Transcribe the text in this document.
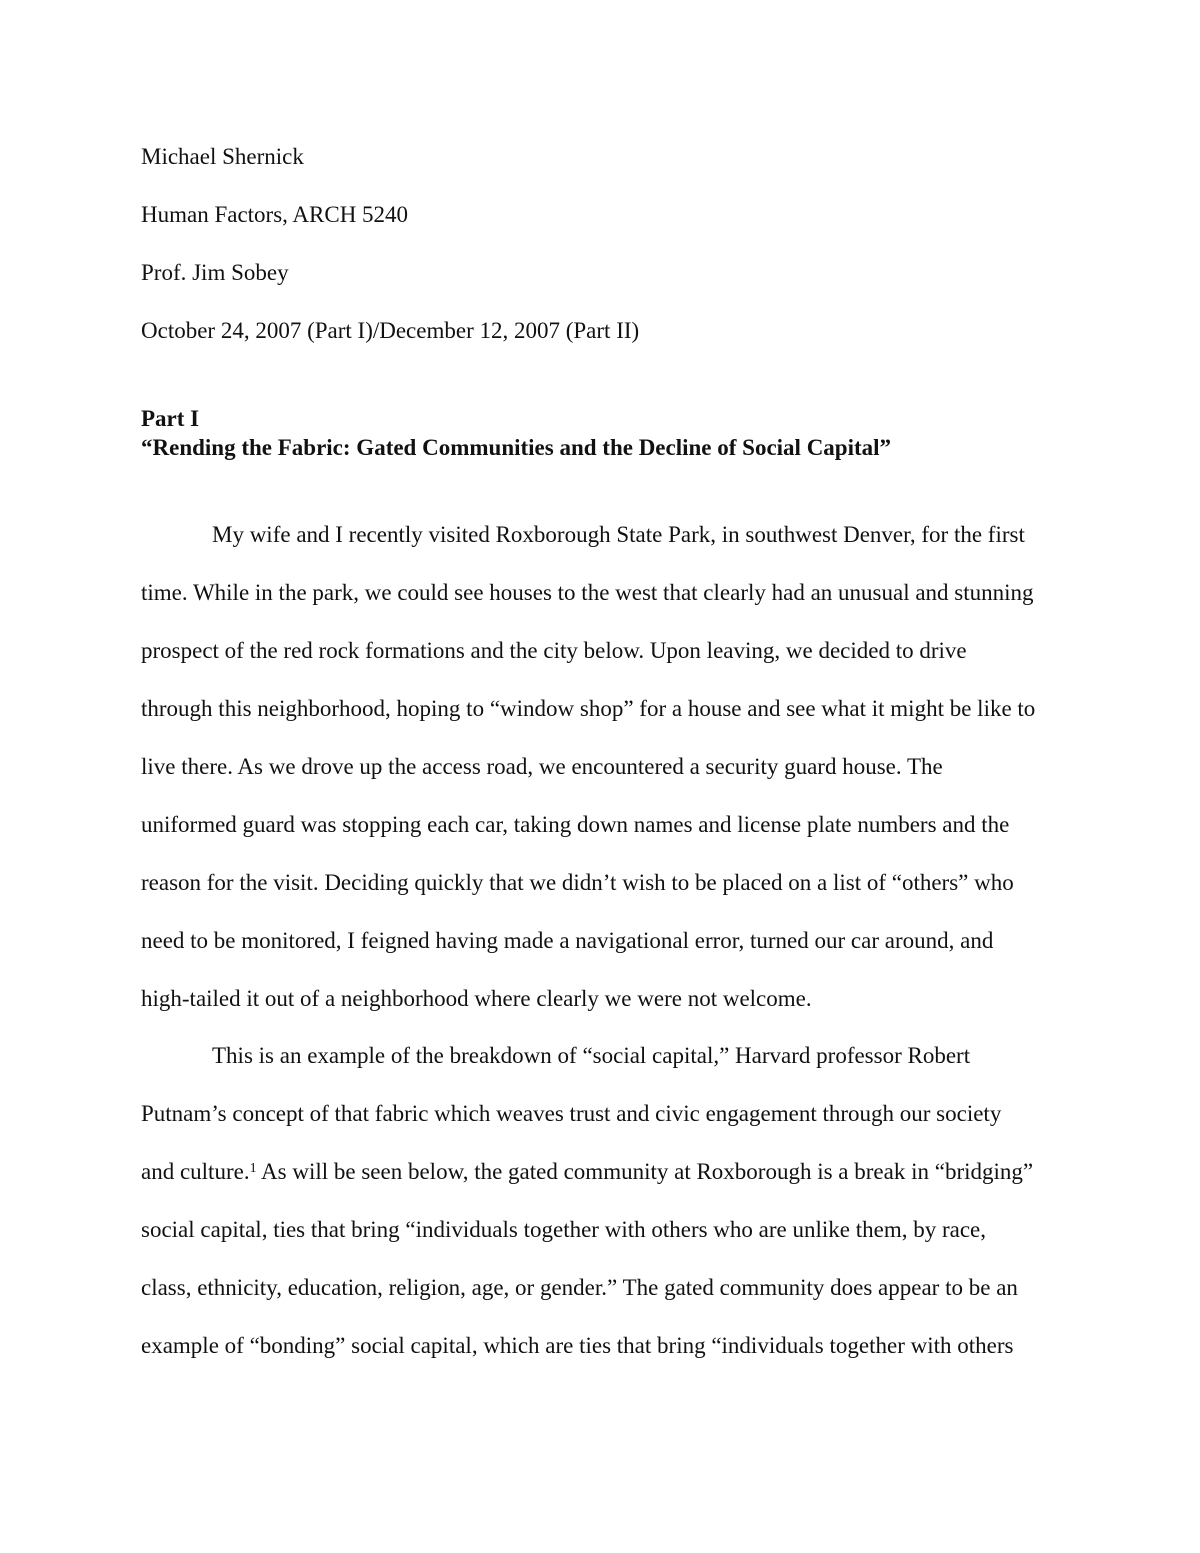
Michael Shernick
Human Factors, ARCH 5240
Prof. Jim Sobey
October 24, 2007 (Part I)/December 12, 2007 (Part II)
Part I
“Rending the Fabric: Gated Communities and the Decline of Social Capital”
My wife and I recently visited Roxborough State Park, in southwest Denver, for the first
time. While in the park, we could see houses to the west that clearly had an unusual and stunning
prospect of the red rock formations and the city below. Upon leaving, we decided to drive
through this neighborhood, hoping to “window shop” for a house and see what it might be like to
live there. As we drove up the access road, we encountered a security guard house. The
uniformed guard was stopping each car, taking down names and license plate numbers and the
reason for the visit. Deciding quickly that we didn’t wish to be placed on a list of “others” who
need to be monitored, I feigned having made a navigational error, turned our car around, and
high-tailed it out of a neighborhood where clearly we were not welcome.
This is an example of the breakdown of “social capital,” Harvard professor Robert
Putnam’s concept of that fabric which weaves trust and civic engagement through our society
and culture.$^1$ As will be seen below, the gated community at Roxborough is a break in “bridging”
social capital, ties that bring “individuals together with others who are unlike them, by race,
class, ethnicity, education, religion, age, or gender.” The gated community does appear to be an
example of “bonding” social capital, which are ties that bring “individuals together with others
